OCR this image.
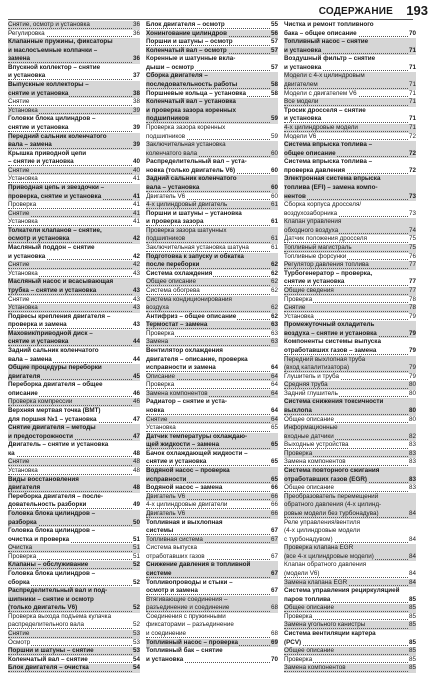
СОДЕРЖАНИЕ	193
Снятие, осмотр и установка	36
Регулировка	36
Клапанные пружины, фиксаторы
и маслосъемные колпачки –
замена	36
Впускной коллектор – снятие
и установка	37
Выпускные коллекторы –
снятие и установка	38
Снятие	38
Установка	39
Головки блока цилиндров –
снятие и установка	39
Передний сальник коленчатого
вала – замена	39
Крышка приводной цепи
– снятие и установка	40
Снятие	40
Установка	41
Приводная цепь и звездочки –
проверка, снятие и установка	41
Проверка	41
Снятие	41
Установка	41
Толкатели клапанов – снятие,
осмотр и установка	42
Масляный поддон – снятие
и установка	42
Снятие	42
Установка	43
Масляный насос и всасывающая
трубка – снятие и установка	43
Снятие	43
Установка	43
Подвесы крепления двигателя –
проверка и замена	43
Маховик/приводной диск –
снятие и установка	44
Задний сальник коленчатого
вала – замена	44
Общие процедуры переборки
двигателя	45
Переборка двигателя – общее
описание	46
Проверка компрессии	46
Верхняя мертвая точка (ВМТ)
для поршня №1 – установка	47
Снятие двигателя – методы
и предосторожности	47
Двигатель – снятие и установка
ка	48
Снятие	48
Установка	48
Виды восстановления
двигателя	48
Переборка двигателя – после-
довательность разборки	49
Головка блока цилиндров –
разборка	50
Головка блока цилиндров –
очистка и проверка	51
Очистка	51
Проверка	51
Клапаны – обслуживание	52
Головка блока цилиндров –
сборка	52
Распределительный вал и под-
шипники – снятие и осмотр
(только двигатель V6)	52
Проверка выхода подъема кулачка
распределительного вала	52
Снятие	53
Осмотр	53
Поршни и шатуны – снятие	53
Коленчатый вал – снятие	54
Блок двигателя – очистка	54
Блок двигателя – осмотр	55
Хонингование цилиндров	56
Поршни и шатуны – осмотр	57
Коленчатый вал – осмотр	57
Коренные и шатунные вкла-
дыши – осмотр	57
Сборка двигателя –
последовательность работы	58
Поршневые кольца – установка	58
Коленчатый вал – установка
и проверка зазора коренных
подшипников	59
Проверка зазора коренных
подшипников	59
Заключительная установка
коленчатого вала	60
Распределительный вал – уста-
новка (только двигатель V6)	60
Задний сальник коленчатого
вала – установка	60
Двигатель V6	60
4-х цилиндровый двигатель	61
Поршни и шатуны – установка
и проверка зазора	61
Проверка зазора шатунных
подшипников	61
Заключительная установка шатуна	61
Подготовка к запуску и обкатка
после переборки	62
Система охлаждения	62
Общее описание	62
Система обогрева	62
Система кондиционирования
воздуха	62
Антифриз – общее описание	62
Термостат – замена	63
Проверка	63
Замена	63
Вентилятор охлаждения
двигателя – описание, проверка
исправности и замена	64
Описание	64
Проверка	64
Замена компонентов	64
Радиатор – снятие и уста-
новка	64
Снятие	64
Установка	65
Датчик температуры охлаждаю-
щей жидкости – замена	65
Бачок охлаждающей жидкости –
снятие и установка	65
Водяной насос – проверка
исправности	65
Водяной насос – замена	66
Двигатель V6	66
4-х цилиндровые двигатели	66
Двигатель V6	66
Топливная и выхлопная
системы	67
Топливная система	67
Система выпуска
отработавших газов	67
Снижение давления в топливной
системе	67
Топливопроводы и стыки –
осмотр и замена	67
Втягивающие соединения –
разъединение и соединение	68
Соединения с пружинными
фиксаторами – разъединение
и соединение	68
Топливный насос – проверка	69
Топливный бак – снятие
и установка	70
Чистка и ремонт топливного
бака – общее описание	70
Топливный насос – снятие
и установка	71
Воздушный фильтр – снятие
и установка	71
Модели с 4-х цилиндровым
двигателем	71
Модели с двигателем V6	71
Все модели	71
Тросик дросселя – снятие
и установка	71
4-х цилиндровые модели	71
Модели V6	72
Система впрыска топлива –
общее описание	72
Система впрыска топлива –
проверка давления	72
Электронная система впрыска
топлива (EFI) – замена компо-
нентов	73
Сборка корпуса дросселя/
воздухозаборника	73
Клапан управления
обходного воздуха	74
Датчик положения дросселя	75
Топливный магистраль	75
Топливные форсунки	76
Регулятор давления топлива	77
Турбогенератор – проверка,
снятие и установка	77
Общие сведения	77
Проверка	78
Снятие	78
Установка	79
Промежуточный охладитель
воздуха – снятие и установка	79
Компоненты системы выпуска
отработавших газов – замена	79
Передний выхлопная труба
(вход каталитизатора)	79
Глушитель и труба	79
Средняя труба	80
Задний глушитель	80
Система снижения токсичности
выхлопа	80
Общее описание	80
Информационные
входные датчики	82
Выходные устройства	83
Проверка	83
Замена компонентов	83
Система повторного сжигания
отработавших газов (EGR)	83
Общее описание	83
Преобразователь перемещений
обратного давления (4-х цилинд-
ровые модели без турбонадува)	84
Реле управления/вентиля
(4-х цилиндровые модели
с турбонадувом)	84
Проверка клапана EGR
(все 4-х цилиндровые модели)	84
Клапан обратного давления
(модели V6)	84
Замена клапана EGR	84
Система управления рециркуляцией
паров топлива	85
Общее описание	85
Проверка	85
Замена угольного канистры	85
Система вентиляции картера
(PCV)	85
Общее описание	85
Проверка	85
Замена компонентов	85
